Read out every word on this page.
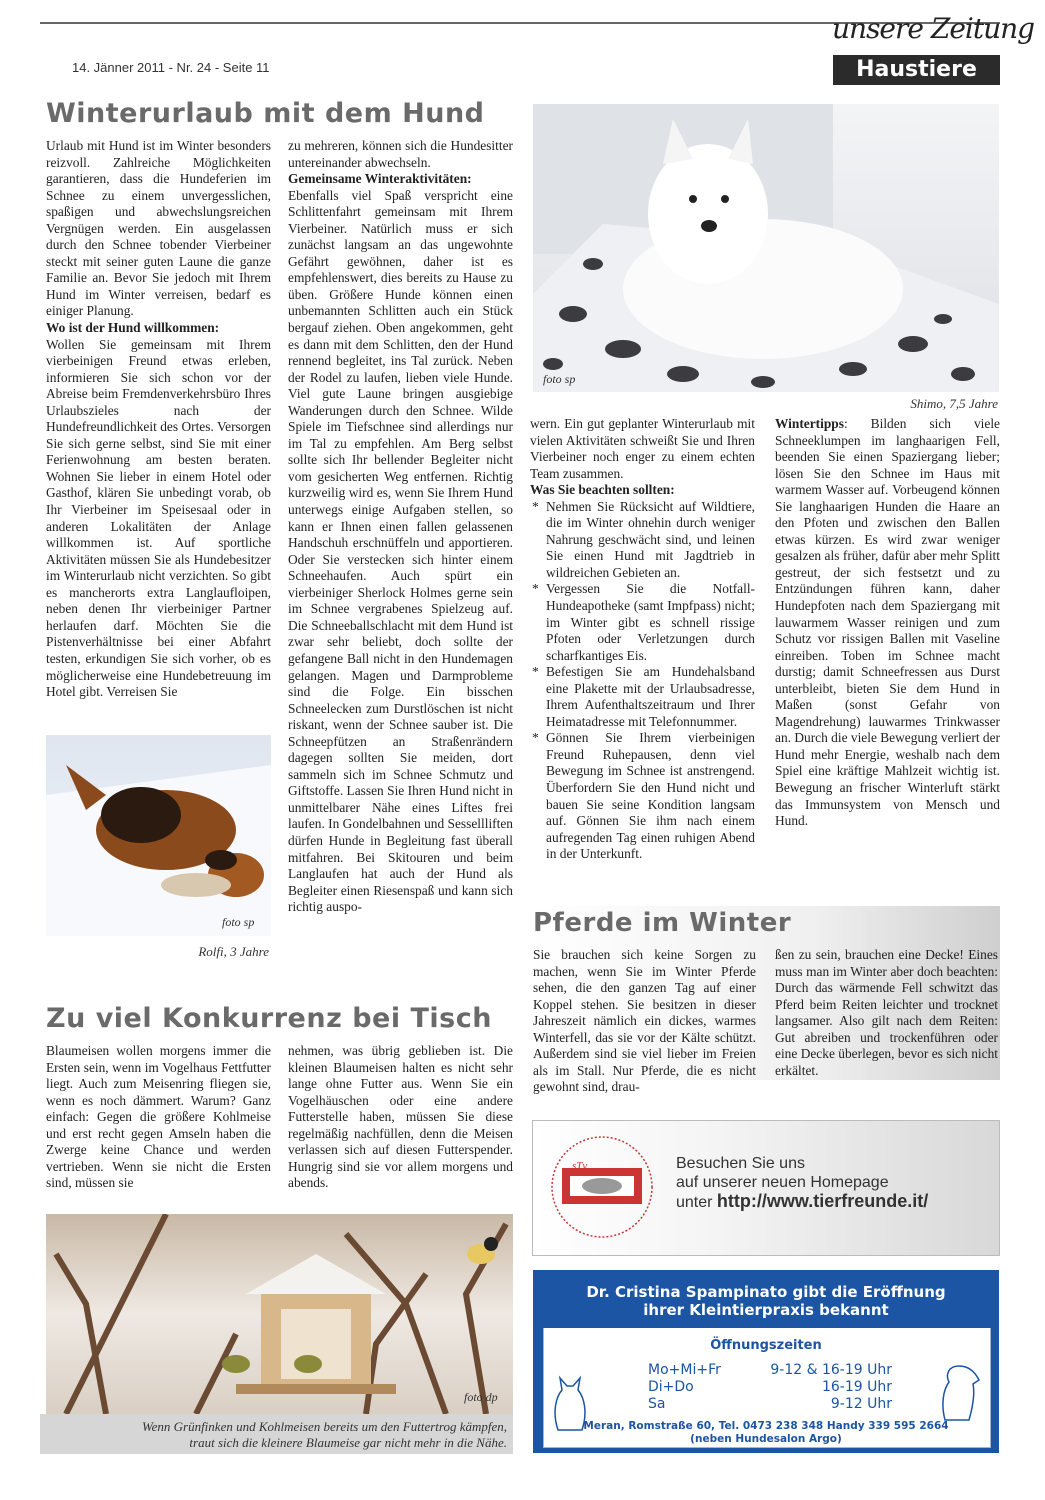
14. Jänner 2011 - Nr. 24 - Seite 11
unsere Zeitung
Haustiere
Winterurlaub mit dem Hund

Urlaub mit Hund ist im Winter besonders reizvoll. Zahlreiche Möglichkeiten garantieren, dass die Hundeferien im Schnee zu einem unvergesslichen, spaßigen und abwechslungsreichen Vergnügen werden. Ein ausgelassen durch den Schnee tobender Vierbeiner steckt mit seiner guten Laune die ganze Familie an. Bevor Sie jedoch mit Ihrem Hund im Winter verreisen, bedarf es einiger Planung.

Wo ist der Hund willkommen:

Wollen Sie gemeinsam mit Ihrem vierbeinigen Freund etwas erleben, informieren Sie sich schon vor der Abreise beim Fremdenverkehrsbüro Ihres Urlaubszieles nach der Hundefreundlichkeit des Ortes. Versorgen Sie sich gerne selbst, sind Sie mit einer Ferienwohnung am besten beraten. Wohnen Sie lieber in einem Hotel oder Gasthof, klären Sie unbedingt vorab, ob Ihr Vierbeiner im Speisesaal oder in anderen Lokalitäten der Anlage willkommen ist. Auf sportliche Aktivitäten müssen Sie als Hundebesitzer im Winterurlaub nicht verzichten. So gibt es mancherorts extra Langlaufloipen, neben denen Ihr vierbeiniger Partner herlaufen darf. Möchten Sie die Pistenverhältnisse bei einer Abfahrt testen, erkundigen Sie sich vorher, ob es möglicherweise eine Hundebetreuung im Hotel gibt. Verreisen Sie

zu mehreren, können sich die Hundesitter untereinander abwechseln.

Gemeinsame Winteraktivitäten:

Ebenfalls viel Spaß verspricht eine Schlittenfahrt gemeinsam mit Ihrem Vierbeiner. Natürlich muss er sich zunächst langsam an das ungewohnte Gefährt gewöhnen, daher ist es empfehlenswert, dies bereits zu Hause zu üben. Größere Hunde können einen unbemannten Schlitten auch ein Stück bergauf ziehen. Oben angekommen, geht es dann mit dem Schlitten, den der Hund rennend begleitet, ins Tal zurück. Neben der Rodel zu laufen, lieben viele Hunde. Viel gute Laune bringen ausgiebige Wanderungen durch den Schnee. Wilde Spiele im Tiefschnee sind allerdings nur im Tal zu empfehlen. Am Berg selbst sollte sich Ihr bellender Begleiter nicht vom gesicherten Weg entfernen. Richtig kurzweilig wird es, wenn Sie Ihrem Hund unterwegs einige Aufgaben stellen, so kann er Ihnen einen fallen gelassenen Handschuh erschnüffeln und apportieren. Oder Sie verstecken sich hinter einem Schneehaufen. Auch spürt ein vierbeiniger Sherlock Holmes gerne sein im Schnee vergrabenes Spielzeug auf. Die Schneeballschlacht mit dem Hund ist zwar sehr beliebt, doch sollte der gefangene Ball nicht in den Hundemagen gelangen. Magen und Darmprobleme sind die Folge. Ein bisschen Schneelecken zum Durstlöschen ist nicht riskant, wenn der Schnee sauber ist. Die Schneepfützen an Straßenrändern dagegen sollten Sie meiden, dort sammeln sich im Schnee Schmutz und Giftstoffe. Lassen Sie Ihren Hund nicht in unmittelbarer Nähe eines Liftes frei laufen. In Gondelbahnen und Sessellliften dürfen Hunde in Begleitung fast überall mitfahren. Bei Skitouren und beim Langlaufen hat auch der Hund als Begleiter einen Riesenspaß und kann sich richtig auspo-

foto sp
Shimo, 7,5 Jahre

wern. Ein gut geplanter Winterurlaub mit vielen Aktivitäten schweißt Sie und Ihren Vierbeiner noch enger zu einem echten Team zusammen.

Was Sie beachten sollten:

* Nehmen Sie Rücksicht auf Wildtiere, die im Winter ohnehin durch weniger Nahrung geschwächt sind, und leinen Sie einen Hund mit Jagdtrieb in wildreichen Gebieten an.
* Vergessen Sie die Notfall-Hundeapotheke (samt Impfpass) nicht; im Winter gibt es schnell rissige Pfoten oder Verletzungen durch scharfkantiges Eis.
* Befestigen Sie am Hundehalsband eine Plakette mit der Urlaubsadresse, Ihrem Aufenthaltszeitraum und Ihrer Heimatadresse mit Telefonnummer.
* Gönnen Sie Ihrem vierbeinigen Freund Ruhepausen, denn viel Bewegung im Schnee ist anstrengend. Überfordern Sie den Hund nicht und bauen Sie seine Kondition langsam auf. Gönnen Sie ihm nach einem aufregenden Tag einen ruhigen Abend in der Unterkunft.

Wintertipps: Bilden sich viele Schneeklumpen im langhaarigen Fell, beenden Sie einen Spaziergang lieber; lösen Sie den Schnee im Haus mit warmem Wasser auf. Vorbeugend können Sie langhaarigen Hunden die Haare an den Pfoten und zwischen den Ballen etwas kürzen. Es wird zwar weniger gesalzen als früher, dafür aber mehr Splitt gestreut, der sich festsetzt und zu Entzündungen führen kann, daher Hundepfoten nach dem Spaziergang mit lauwarmem Wasser reinigen und zum Schutz vor rissigen Ballen mit Vaseline einreiben. Toben im Schnee macht durstig; damit Schneefressen aus Durst unterbleibt, bieten Sie dem Hund in Maßen (sonst Gefahr von Magendrehung) lauwarmes Trinkwasser an. Durch die viele Bewegung verliert der Hund mehr Energie, weshalb nach dem Spiel eine kräftige Mahlzeit wichtig ist. Bewegung an frischer Winterluft stärkt das Immunsystem von Mensch und Hund.

foto sp
Rolfi, 3 Jahre
Pferde im Winter

Sie brauchen sich keine Sorgen zu machen, wenn Sie im Winter Pferde sehen, die den ganzen Tag auf einer Koppel stehen. Sie besitzen in dieser Jahreszeit nämlich ein dickes, warmes Winterfell, das sie vor der Kälte schützt. Außerdem sind sie viel lieber im Freien als im Stall. Nur Pferde, die es nicht gewohnt sind, drau-

ßen zu sein, brauchen eine Decke! Eines muss man im Winter aber doch beachten: Durch das wärmende Fell schwitzt das Pferd beim Reiten leichter und trocknet langsamer. Also gilt nach dem Reiten: Gut abreiben und trockenführen oder eine Decke überlegen, bevor es sich nicht erkältet.

Zu viel Konkurrenz bei Tisch

Blaumeisen wollen morgens immer die Ersten sein, wenn im Vogelhaus Fettfutter liegt. Auch zum Meisenring fliegen sie, wenn es noch dämmert. Warum? Ganz einfach: Gegen die größere Kohlmeise und erst recht gegen Amseln haben die Zwerge keine Chance und werden vertrieben. Wenn sie nicht die Ersten sind, müssen sie

nehmen, was übrig geblieben ist. Die kleinen Blaumeisen halten es nicht sehr lange ohne Futter aus. Wenn Sie ein Vogelhäuschen oder eine andere Futterstelle haben, müssen Sie diese regelmäßig nachfüllen, denn die Meisen verlassen sich auf diesen Futterspender. Hungrig sind sie vor allem morgens und abends.

foto dp
Wenn Grünfinken und Kohlmeisen bereits um den Futtertrog kämpfen,
traut sich die kleinere Blaumeise gar nicht mehr in die Nähe.
sTv	Besuchen Sie uns
auf unserer neuen Homepage
unter http://www.tierfreunde.it/
Dr. Cristina Spampinato gibt die Eröffnung
ihrer Kleintierpraxis bekannt
Öffnungszeiten
Mo+Mi+Fr	9-12 & 16-19 Uhr
Di+Do	16-19 Uhr
Sa	9-12 Uhr
Meran, Romstraße 60, Tel. 0473 238 348 Handy 339 595 2664
(neben Hundesalon Argo)
